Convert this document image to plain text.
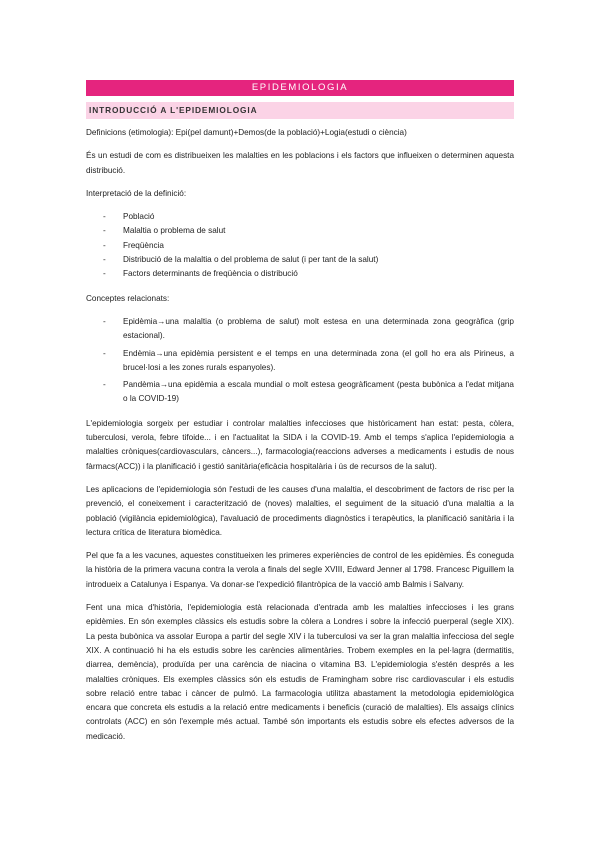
EPIDEMIOLOGIA
INTRODUCCIÓ A L'EPIDEMIOLOGIA

Definicions (etimologia): Epi(pel damunt)+Demos(de la població)+Logia(estudi o ciència)

És un estudi de com es distribueixen les malalties en les poblacions i els factors que influeixen o determinen aquesta distribució.

Interpretació de la definició:

- Població
- Malaltia o problema de salut
- Freqüència
- Distribució de la malaltia o del problema de salut (i per tant de la salut)
- Factors determinants de freqüència o distribució

Conceptes relacionats:

- Epidèmia→una malaltia (o problema de salut) molt estesa en una determinada zona geogràfica (grip estacional).
- Endèmia→una epidèmia persistent e el temps en una determinada zona (el goll ho era als Pirineus, a brucel·losi a les zones rurals espanyoles).
- Pandèmia→una epidèmia a escala mundial o molt estesa geogràficament (pesta bubònica a l'edat mitjana o la COVID-19)

L'epidemiologia sorgeix per estudiar i controlar malalties infeccioses que històricament han estat: pesta, còlera, tuberculosi, verola, febre tifoide... i en l'actualitat la SIDA i la COVID-19. Amb el temps s'aplica l'epidemiologia a malalties cròniques(cardiovasculars, càncers...), farmacologia(reaccions adverses a medicaments i estudis de nous fàrmacs(ACC)) i la planificació i gestió sanitària(eficàcia hospitalària i ús de recursos de la salut).

Les aplicacions de l'epidemiologia són l'estudi de les causes d'una malaltia, el descobriment de factors de risc per la prevenció, el coneixement i caracterització de (noves) malalties, el seguiment de la situació d'una malaltia a la població (vigilància epidemiològica), l'avaluació de procediments diagnòstics i terapèutics, la planificació sanitària i la lectura crítica de literatura biomèdica.

Pel que fa a les vacunes, aquestes constitueixen les primeres experiències de control de les epidèmies. És coneguda la història de la primera vacuna contra la verola a finals del segle XVIII, Edward Jenner al 1798. Francesc Piguillem la introdueix a Catalunya i Espanya. Va donar-se l'expedició filantròpica de la vacció amb Balmis i Salvany.

Fent una mica d'història, l'epidemiologia està relacionada d'entrada amb les malalties infeccioses i les grans epidèmies. En són exemples clàssics els estudis sobre la còlera a Londres i sobre la infecció puerperal (segle XIX). La pesta bubònica va assolar Europa a partir del segle XIV i la tuberculosi va ser la gran malaltia infecciosa del segle XIX. A continuació hi ha els estudis sobre les carències alimentàries. Trobem exemples en la pel·lagra (dermatitis, diarrea, demència), produïda per una carència de niacina o vitamina B3. L'epidemiologia s'estén després a les malalties cròniques. Els exemples clàssics són els estudis de Framingham sobre risc cardiovascular i els estudis sobre relació entre tabac i càncer de pulmó. La farmacologia utilitza abastament la metodologia epidemiològica encara que concreta els estudis a la relació entre medicaments i beneficis (curació de malalties). Els assaigs clínics controlats (ACC) en són l'exemple més actual. També són importants els estudis sobre els efectes adversos de la medicació.
